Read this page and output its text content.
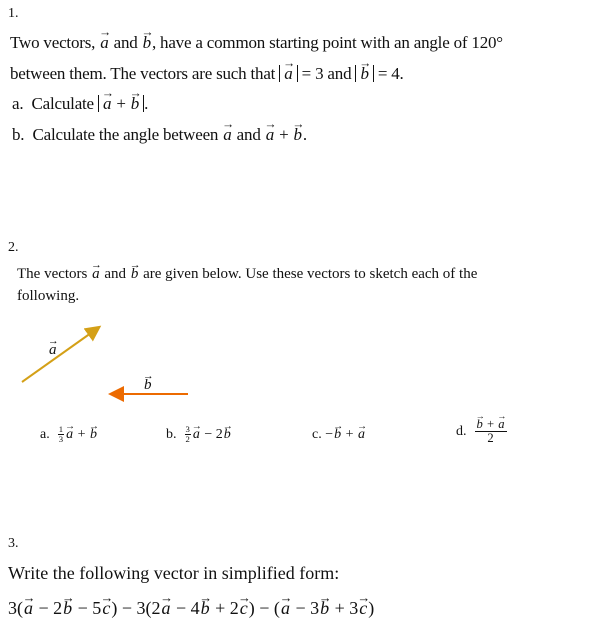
1.
Two vectors, a → and b →, have a common starting point with an angle of 120°
between them. The vectors are such that a → = 3 and b → = 4.
a. Calculate a → + b → .
b. Calculate the angle between a → and a → + b →.
2.
The vectors a → and b → are given below. Use these vectors to sketch each of the
following.
a →
b →
a. $\frac{1}{3}$ a → + b →	b. $\frac{3}{2}$ a → − 2b →	c. −b → + a →	d. $\frac{b \to + a \to}{2}$
3.
Write the following vector in simplified form:
3(a → − 2b → − 5c →) − 3(2a → − 4b → + 2c →) − (a → − 3b → + 3c →)
